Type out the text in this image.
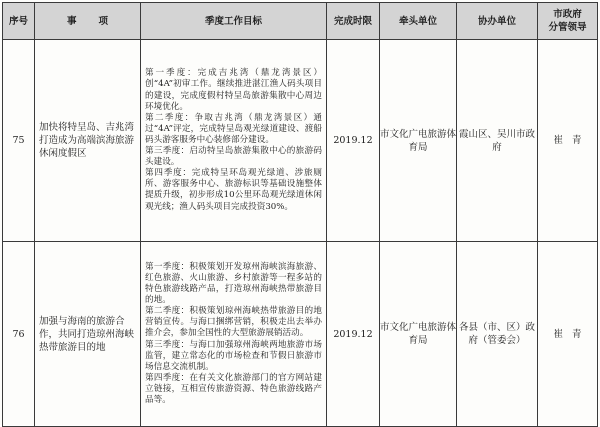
序号	事项	季度工作目标	完成时限	牵头单位	协办单位	市政府
分管领导

75	加快将特呈岛、吉兆湾打造成为高端滨海旅游休闲度假区	第一季度：完成吉兆湾（鼎龙湾景区）创“4A”初审工作。继续推进湛江渔人码头项目的建设，完成度假村特呈岛旅游集散中心周边环境优化。

第二季度：争取吉兆湾（鼎龙湾景区）通过“4A”评定，完成特呈岛观光绿道建设、渡船码头游客服务中心装修部分建设。

第三季度：启动特呈岛旅游集散中心的旅游码头建设。

第四季度：完成特呈环岛观光绿道、涉旅厕所、游客服务中心、旅游标识等基础设施整体提质升级，初步形成10公里环岛观光绿道休闲观光线；渔人码头项目完成投资30%。	2019.12	市文化广电旅游体育局	霞山区、吴川市政府	崔青
76	加强与海南的旅游合作，共同打造琼州海峡热带旅游目的地	第一季度：积极策划开发琼州海峡滨海旅游、红色旅游、火山旅游、乡村旅游等一程多站的特色旅游线路产品，打造琼州海峡热带旅游目的地。

第二季度：积极策划琼州海峡热带旅游目的地营销宣传。与海口捆绑营销，积极走出去举办推介会，参加全国性的大型旅游展销活动。

第三季度：与海口加强琼州海峡两地旅游市场监管，建立常态化的市场检查和节假日旅游市场信息交流机制。

第四季度：在有关文化旅游部门的官方网站建立链接，互相宣传旅游资源、特色旅游线路产品等。	2019.12	市文化广电旅游体育局	各县（市、区）政府（管委会）	崔青
